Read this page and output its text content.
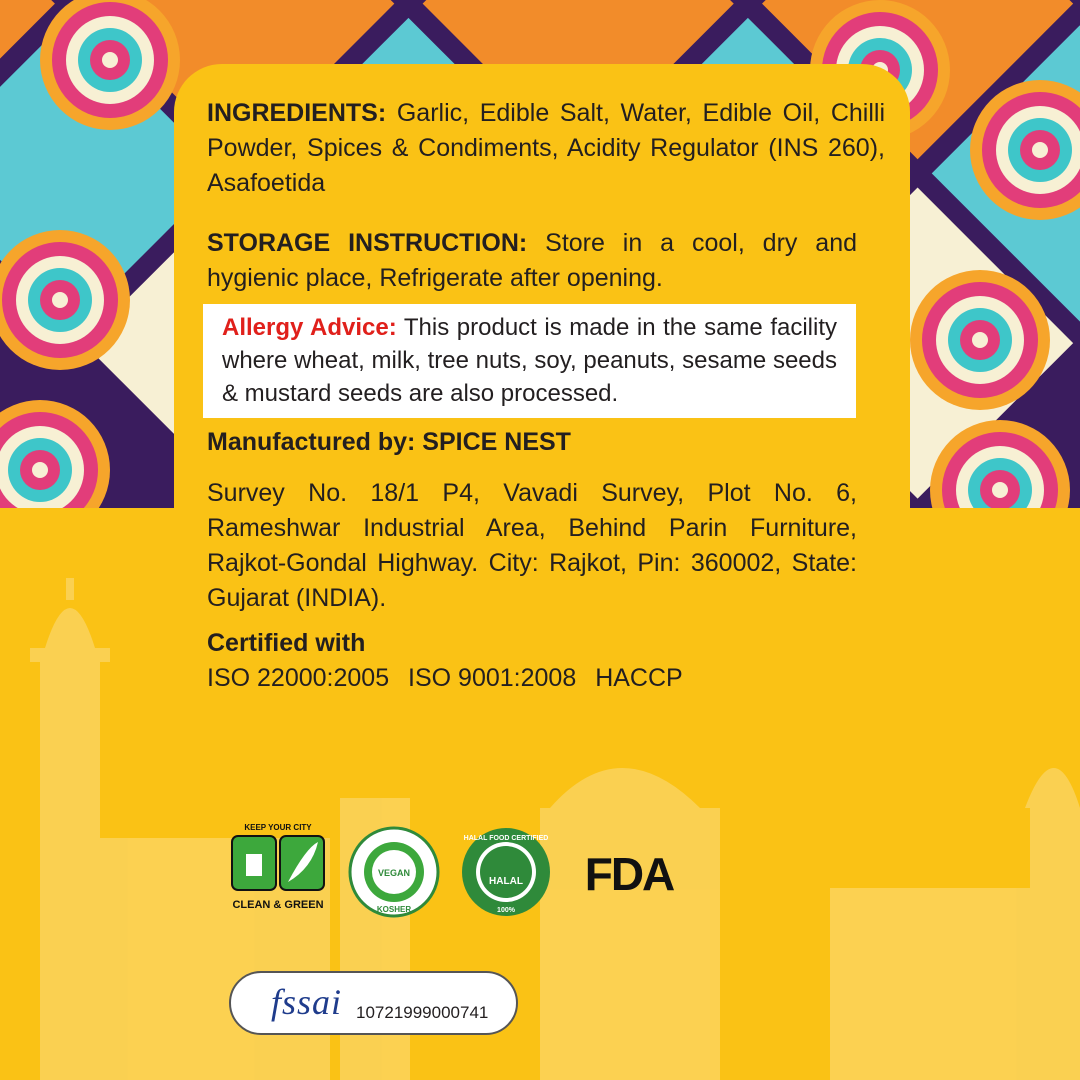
INGREDIENTS: Garlic, Edible Salt, Water, Edible Oil, Chilli Powder, Spices & Condiments, Acidity Regulator (INS 260), Asafoetida
STORAGE INSTRUCTION: Store in a cool, dry and hygienic place, Refrigerate after opening.
Allergy Advice: This product is made in the same facility where wheat, milk, tree nuts, soy, peanuts, sesame seeds & mustard seeds are also processed.
Manufactured by: SPICE NEST
Survey No. 18/1 P4, Vavadi Survey, Plot No. 6, Rameshwar Industrial Area, Behind Parin Furniture, Rajkot-Gondal Highway. City: Rajkot, Pin: 360002, State: Gujarat (INDIA).
Certified with
ISO 22000:2005 ISO 9001:2008 HACCP
KEEP YOUR CITY
CLEAN & GREEN
VEGAN
KOSHER
HALAL FOOD CERTIFIED
HALAL
100%
FDA
fssai 10721999000741
